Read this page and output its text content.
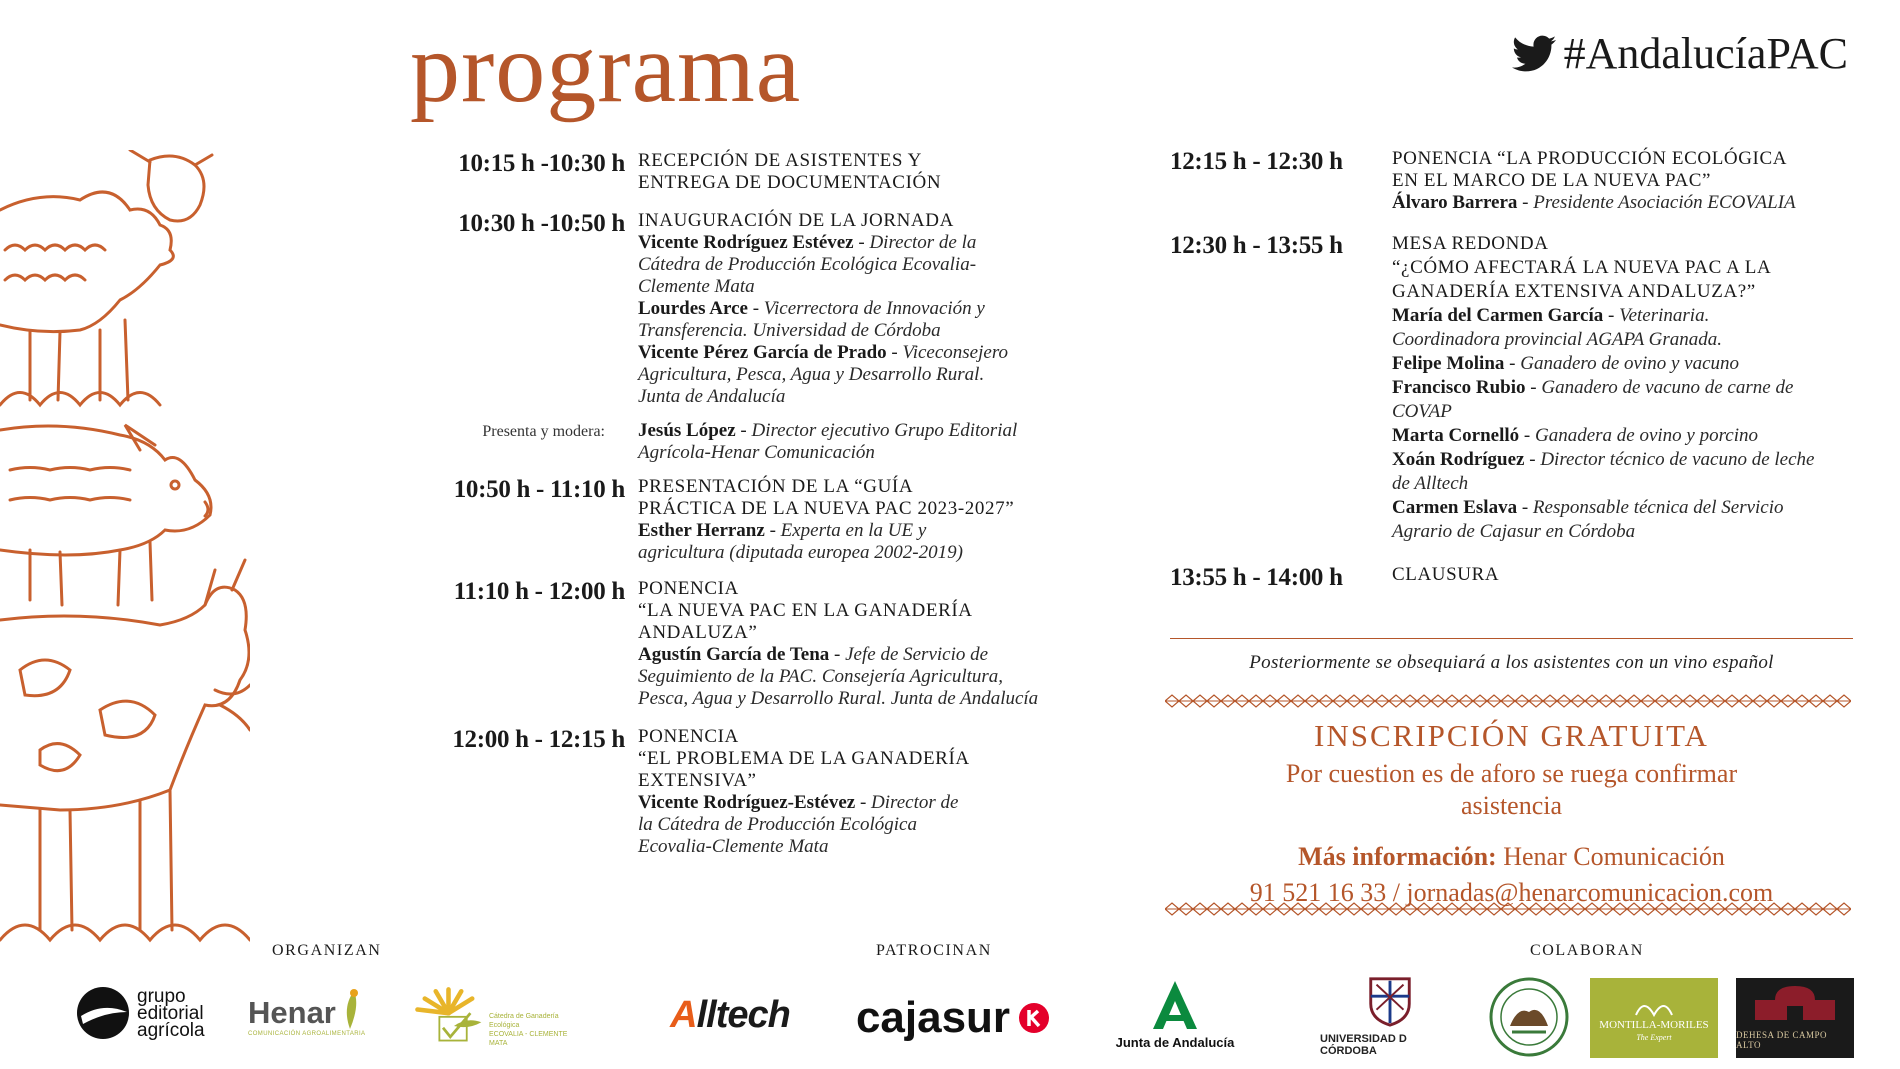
programa	#AndalucíaPAC
10:15 h -10:30 h RECEPCIÓN DE ASISTENTES Y
ENTREGA DE DOCUMENTACIÓN
10:30 h -10:50 h INAUGURACIÓN DE LA JORNADA
Vicente Rodríguez Estévez - Director de la
Cátedra de Producción Ecológica Ecovalia-
Clemente Mata
Lourdes Arce - Vicerrectora de Innovación y
Transferencia. Universidad de Córdoba
Vicente Pérez García de Prado - Viceconsejero
Agricultura, Pesca, Agua y Desarrollo Rural.
Junta de Andalucía
Presenta y modera: Jesús López - Director ejecutivo Grupo Editorial
Agrícola-Henar Comunicación
10:50 h - 11:10 h PRESENTACIÓN DE LA “GUÍA
PRÁCTICA DE LA NUEVA PAC 2023-2027”
Esther Herranz - Experta en la UE y
agricultura (diputada europea 2002-2019)
11:10 h - 12:00 h PONENCIA
“LA NUEVA PAC EN LA GANADERÍA
ANDALUZA”
Agustín García de Tena - Jefe de Servicio de
Seguimiento de la PAC. Consejería Agricultura,
Pesca, Agua y Desarrollo Rural. Junta de Andalucía
12:00 h - 12:15 h PONENCIA
“EL PROBLEMA DE LA GANADERÍA
EXTENSIVA”
Vicente Rodríguez-Estévez - Director de
la Cátedra de Producción Ecológica
Ecovalia-Clemente Mata
12:15 h - 12:30 h	PONENCIA “LA PRODUCCIÓN ECOLÓGICA
EN EL MARCO DE LA NUEVA PAC”
Álvaro Barrera - Presidente Asociación ECOVALIA
12:30 h - 13:55 h	MESA REDONDA
“¿CÓMO AFECTARÁ LA NUEVA PAC A LA
GANADERÍA EXTENSIVA ANDALUZA?”
María del Carmen García - Veterinaria.
Coordinadora provincial AGAPA Granada.
Felipe Molina - Ganadero de ovino y vacuno
Francisco Rubio - Ganadero de vacuno de carne de
COVAP
Marta Cornelló - Ganadera de ovino y porcino
Xoán Rodríguez - Director técnico de vacuno de leche
de Alltech
Carmen Eslava - Responsable técnica del Servicio
Agrario de Cajasur en Córdoba
13:55 h - 14:00 h	CLAUSURA
Posteriormente se obsequiará a los asistentes con un vino español
INSCRIPCIÓN GRATUITA
Por cuestion es de aforo se ruega confirmar asistencia
Más información: Henar Comunicación
91 521 16 33 / jornadas@henarcomunicacion.com
ORGANIZAN	PATROCINAN	COLABORAN
grupo
editorial
agrícola Henar
COMUNICACIÓN AGROALIMENTARIA
Cátedra de Ganadería Ecológica
ECOVALIA - CLEMENTE MATA
Alltech cajasur
Junta de Andalucía	UNIVERSIDAD D CÓRDOBA
MONTILLA-MORILES
The Expert	DEHESA DE CAMPO ALTO
